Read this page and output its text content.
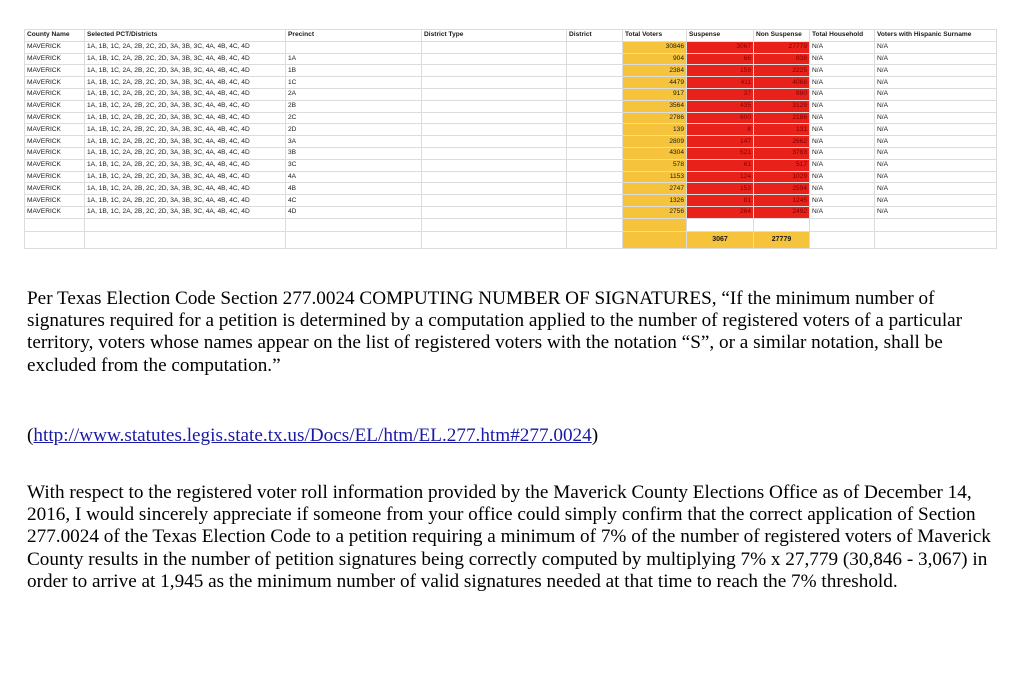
County Name	Selected PCT/Districts	Precinct	District Type	District	Total Voters	Suspense	Non Suspense	Total Household	Voters with Hispanic Surname
MAVERICK	1A, 1B, 1C, 2A, 2B, 2C, 2D, 3A, 3B, 3C, 4A, 4B, 4C, 4D				30846	3067	27779	N/A	N/A
MAVERICK	1A, 1B, 1C, 2A, 2B, 2C, 2D, 3A, 3B, 3C, 4A, 4B, 4C, 4D	1A			904	66	838	N/A	N/A
MAVERICK	1A, 1B, 1C, 2A, 2B, 2C, 2D, 3A, 3B, 3C, 4A, 4B, 4C, 4D	1B			2384	159	2225	N/A	N/A
MAVERICK	1A, 1B, 1C, 2A, 2B, 2C, 2D, 3A, 3B, 3C, 4A, 4B, 4C, 4D	1C			4479	411	4068	N/A	N/A
MAVERICK	1A, 1B, 1C, 2A, 2B, 2C, 2D, 3A, 3B, 3C, 4A, 4B, 4C, 4D	2A			917	37	880	N/A	N/A
MAVERICK	1A, 1B, 1C, 2A, 2B, 2C, 2D, 3A, 3B, 3C, 4A, 4B, 4C, 4D	2B			3564	435	3129	N/A	N/A
MAVERICK	1A, 1B, 1C, 2A, 2B, 2C, 2D, 3A, 3B, 3C, 4A, 4B, 4C, 4D	2C			2786	600	2186	N/A	N/A
MAVERICK	1A, 1B, 1C, 2A, 2B, 2C, 2D, 3A, 3B, 3C, 4A, 4B, 4C, 4D	2D			139	8	131	N/A	N/A
MAVERICK	1A, 1B, 1C, 2A, 2B, 2C, 2D, 3A, 3B, 3C, 4A, 4B, 4C, 4D	3A			2809	147	2662	N/A	N/A
MAVERICK	1A, 1B, 1C, 2A, 2B, 2C, 2D, 3A, 3B, 3C, 4A, 4B, 4C, 4D	3B			4304	521	3783	N/A	N/A
MAVERICK	1A, 1B, 1C, 2A, 2B, 2C, 2D, 3A, 3B, 3C, 4A, 4B, 4C, 4D	3C			578	61	517	N/A	N/A
MAVERICK	1A, 1B, 1C, 2A, 2B, 2C, 2D, 3A, 3B, 3C, 4A, 4B, 4C, 4D	4A			1153	124	1029	N/A	N/A
MAVERICK	1A, 1B, 1C, 2A, 2B, 2C, 2D, 3A, 3B, 3C, 4A, 4B, 4C, 4D	4B			2747	153	2594	N/A	N/A
MAVERICK	1A, 1B, 1C, 2A, 2B, 2C, 2D, 3A, 3B, 3C, 4A, 4B, 4C, 4D	4C			1326	81	1245	N/A	N/A
MAVERICK	1A, 1B, 1C, 2A, 2B, 2C, 2D, 3A, 3B, 3C, 4A, 4B, 4C, 4D	4D			2756	264	2492	N/A	N/A

						3067	27779		
Per Texas Election Code Section 277.0024 COMPUTING NUMBER OF SIGNATURES, “If the minimum number of signatures required for a petition is determined by a computation applied to the number of registered voters of a particular territory, voters whose names appear on the list of registered voters with the notation “S”, or a similar notation, shall be excluded from the computation.”
(http://www.statutes.legis.state.tx.us/Docs/EL/htm/EL.277.htm#277.0024)
With respect to the registered voter roll information provided by the Maverick County Elections Office as of December 14, 2016, I would sincerely appreciate if someone from your office could simply confirm that the correct application of Section 277.0024 of the Texas Election Code to a petition requiring a minimum of 7% of the number of registered voters of Maverick County results in the number of petition signatures being correctly computed by multiplying 7% x 27,779 (30,846 - 3,067) in order to arrive at 1,945 as the minimum number of valid signatures needed at that time to reach the 7% threshold.
